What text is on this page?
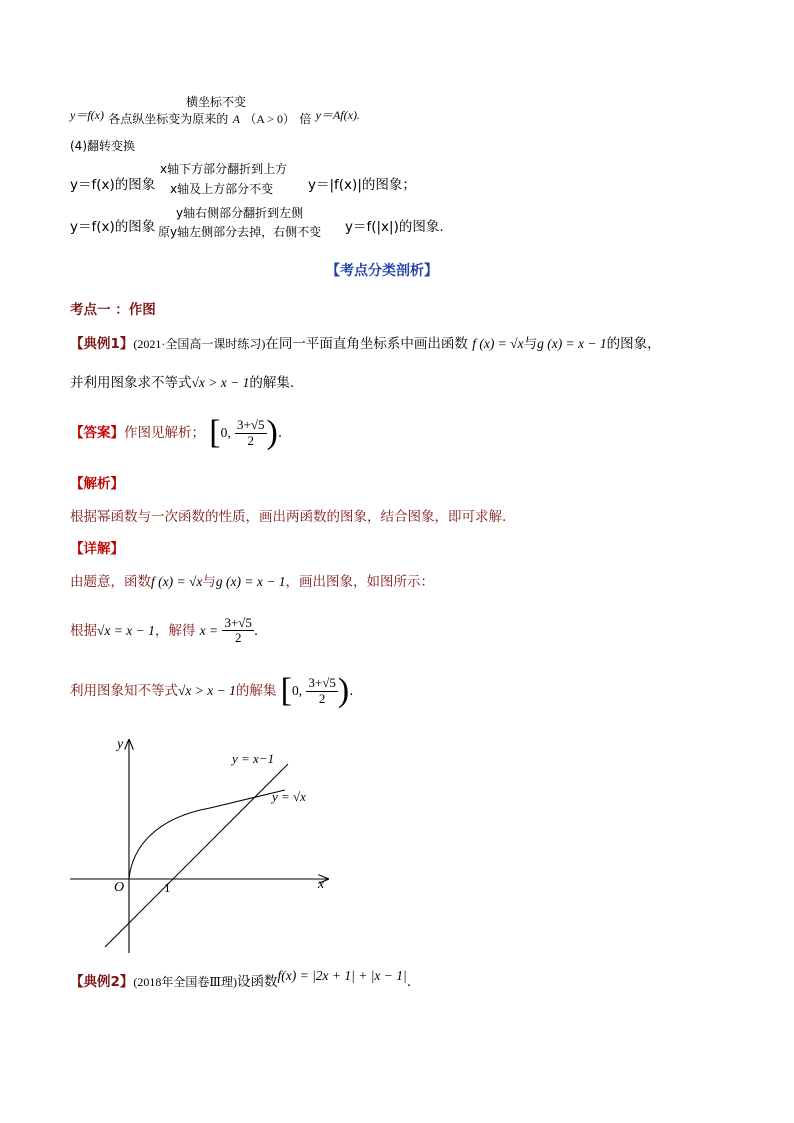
横坐标不变
y＝f(x) 各点纵坐标变为原来的 A （A > 0） 倍 y＝Af(x).
(4)翻转变换
x轴下方部分翻折到上方
y＝f(x)的图象 x轴及上方部分不变	y＝|f(x)|的图象；
y轴右侧部分翻折到左侧
y＝f(x)的图象 原y轴左侧部分去掉，右侧不变 y＝f(|x|)的图象.
【考点分类剖析】
考点一 ：作图
【典例1】(2021·全国高一课时练习)在同一平面直角坐标系中画出函数 f (x) = √x与g (x) = x − 1的图象，
并利用图象求不等式√x > x − 1的解集.
【答案】作图见解析； [0, $\frac{3+√5}{2}$ ).
【解析】
根据幂函数与一次函数的性质，画出两函数的图象，结合图象，即可求解.
【详解】
由题意，函数f (x) = √x与g (x) = x − 1，画出图象，如图所示：
根据√x = x − 1，解得 $x = \frac{3+√5}{2}$ .
利用图象知不等式√x > x − 1的解集 [0, $\frac{3+√5}{2}$ ).
y
x
O	1
y = x−1
y = √x
【典例2】(2018年全国卷Ⅲ理)设函数f(x) = |2x + 1| + |x − 1|.
